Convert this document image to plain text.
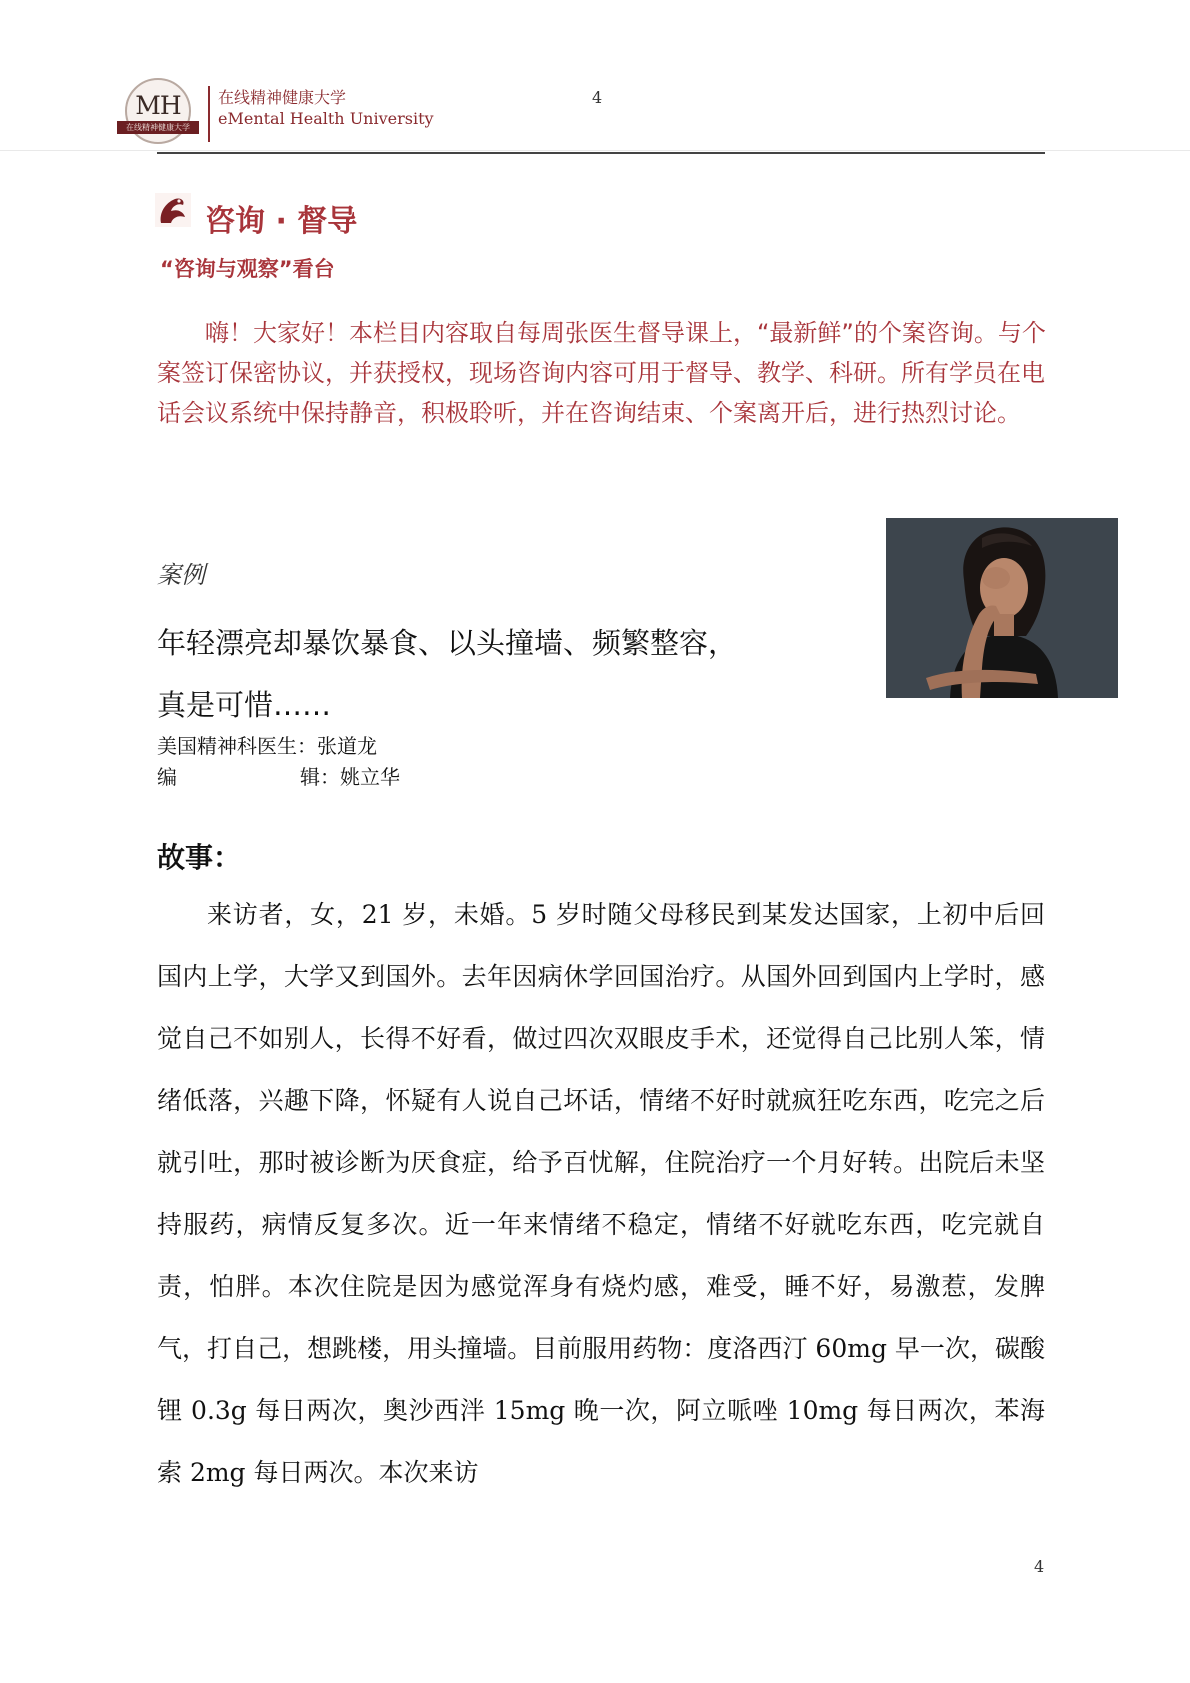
MH
在线精神健康大学
在线精神健康大学
eMental Health University
4
咨询 · 督导
“咨询与观察”看台
嗨！大家好！本栏目内容取自每周张医生督导课上，“最新鲜”的个案咨询。与个案签订保密协议，并获授权，现场咨询内容可用于督导、教学、科研。所有学员在电话会议系统中保持静音，积极聆听，并在咨询结束、个案离开后，进行热烈讨论。
案例
年轻漂亮却暴饮暴食、以头撞墙、频繁整容，
真是可惜……
美国精神科医生：张道龙
编	辑：姚立华
故事：
来访者，女，21 岁，未婚。5 岁时随父母移民到某发达国家，上初中后回国内上学，大学又到国外。去年因病休学回国治疗。从国外回到国内上学时，感觉自己不如别人，长得不好看，做过四次双眼皮手术，还觉得自己比别人笨，情绪低落，兴趣下降，怀疑有人说自己坏话，情绪不好时就疯狂吃东西，吃完之后就引吐，那时被诊断为厌食症，给予百忧解，住院治疗一个月好转。出院后未坚持服药，病情反复多次。近一年来情绪不稳定，情绪不好就吃东西，吃完就自责，怕胖。本次住院是因为感觉浑身有烧灼感，难受，睡不好，易激惹，发脾气，打自己，想跳楼，用头撞墙。目前服用药物：度洛西汀 60mg 早一次，碳酸锂 0.3g 每日两次，奥沙西泮 15mg 晚一次，阿立哌唑 10mg 每日两次，苯海索 2mg 每日两次。本次来访
4
